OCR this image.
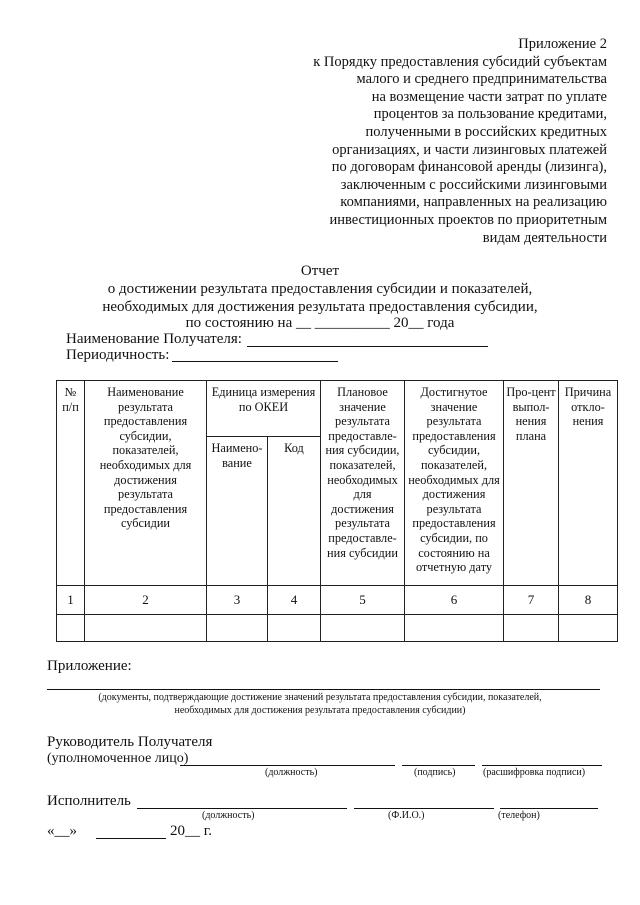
Приложение 2
к Порядку предоставления субсидий субъектам
малого и среднего предпринимательства
на возмещение части затрат по уплате
процентов за пользование кредитами,
полученными в российских кредитных
организациях, и части лизинговых платежей
по договорам финансовой аренды (лизинга),
заключенным с российскими лизинговыми
компаниями, направленных на реализацию
инвестиционных проектов по приоритетным
видам деятельности
Отчет
о достижении результата предоставления субсидии и показателей,
необходимых для достижения результата предоставления субсидии,
по состоянию на __ __________ 20__ года
Наименование Получателя:
Периодичность:
№ п/п	Наименование результата предоставления субсидии, показателей, необходимых для достижения результата предоставления субсидии	Единица измерения по ОКЕИ		Плановое значение результата предоставле-ния субсидии, показателей, необходимых для достижения результата предоставле-ния субсидии	Достигнутое значение результата предоставления субсидии, показателей, необходимых для достижения результата предоставления субсидии, по состоянию на отчетную дату	Про-цент выпол-нения плана	Причина откло-нения
		Наимено-вание	Код				
1	2	3	4	5	6	7	8

Приложение:
(документы, подтверждающие достижение значений результата предоставления субсидии, показателей,
необходимых для достижения результата предоставления субсидии)
Руководитель Получателя
(уполномоченное лицо)
(должность)	(подпись)	(расшифровка подписи)
Исполнитель
(должность)	(Ф.И.О.)	(телефон)
«__»	20__ г.
